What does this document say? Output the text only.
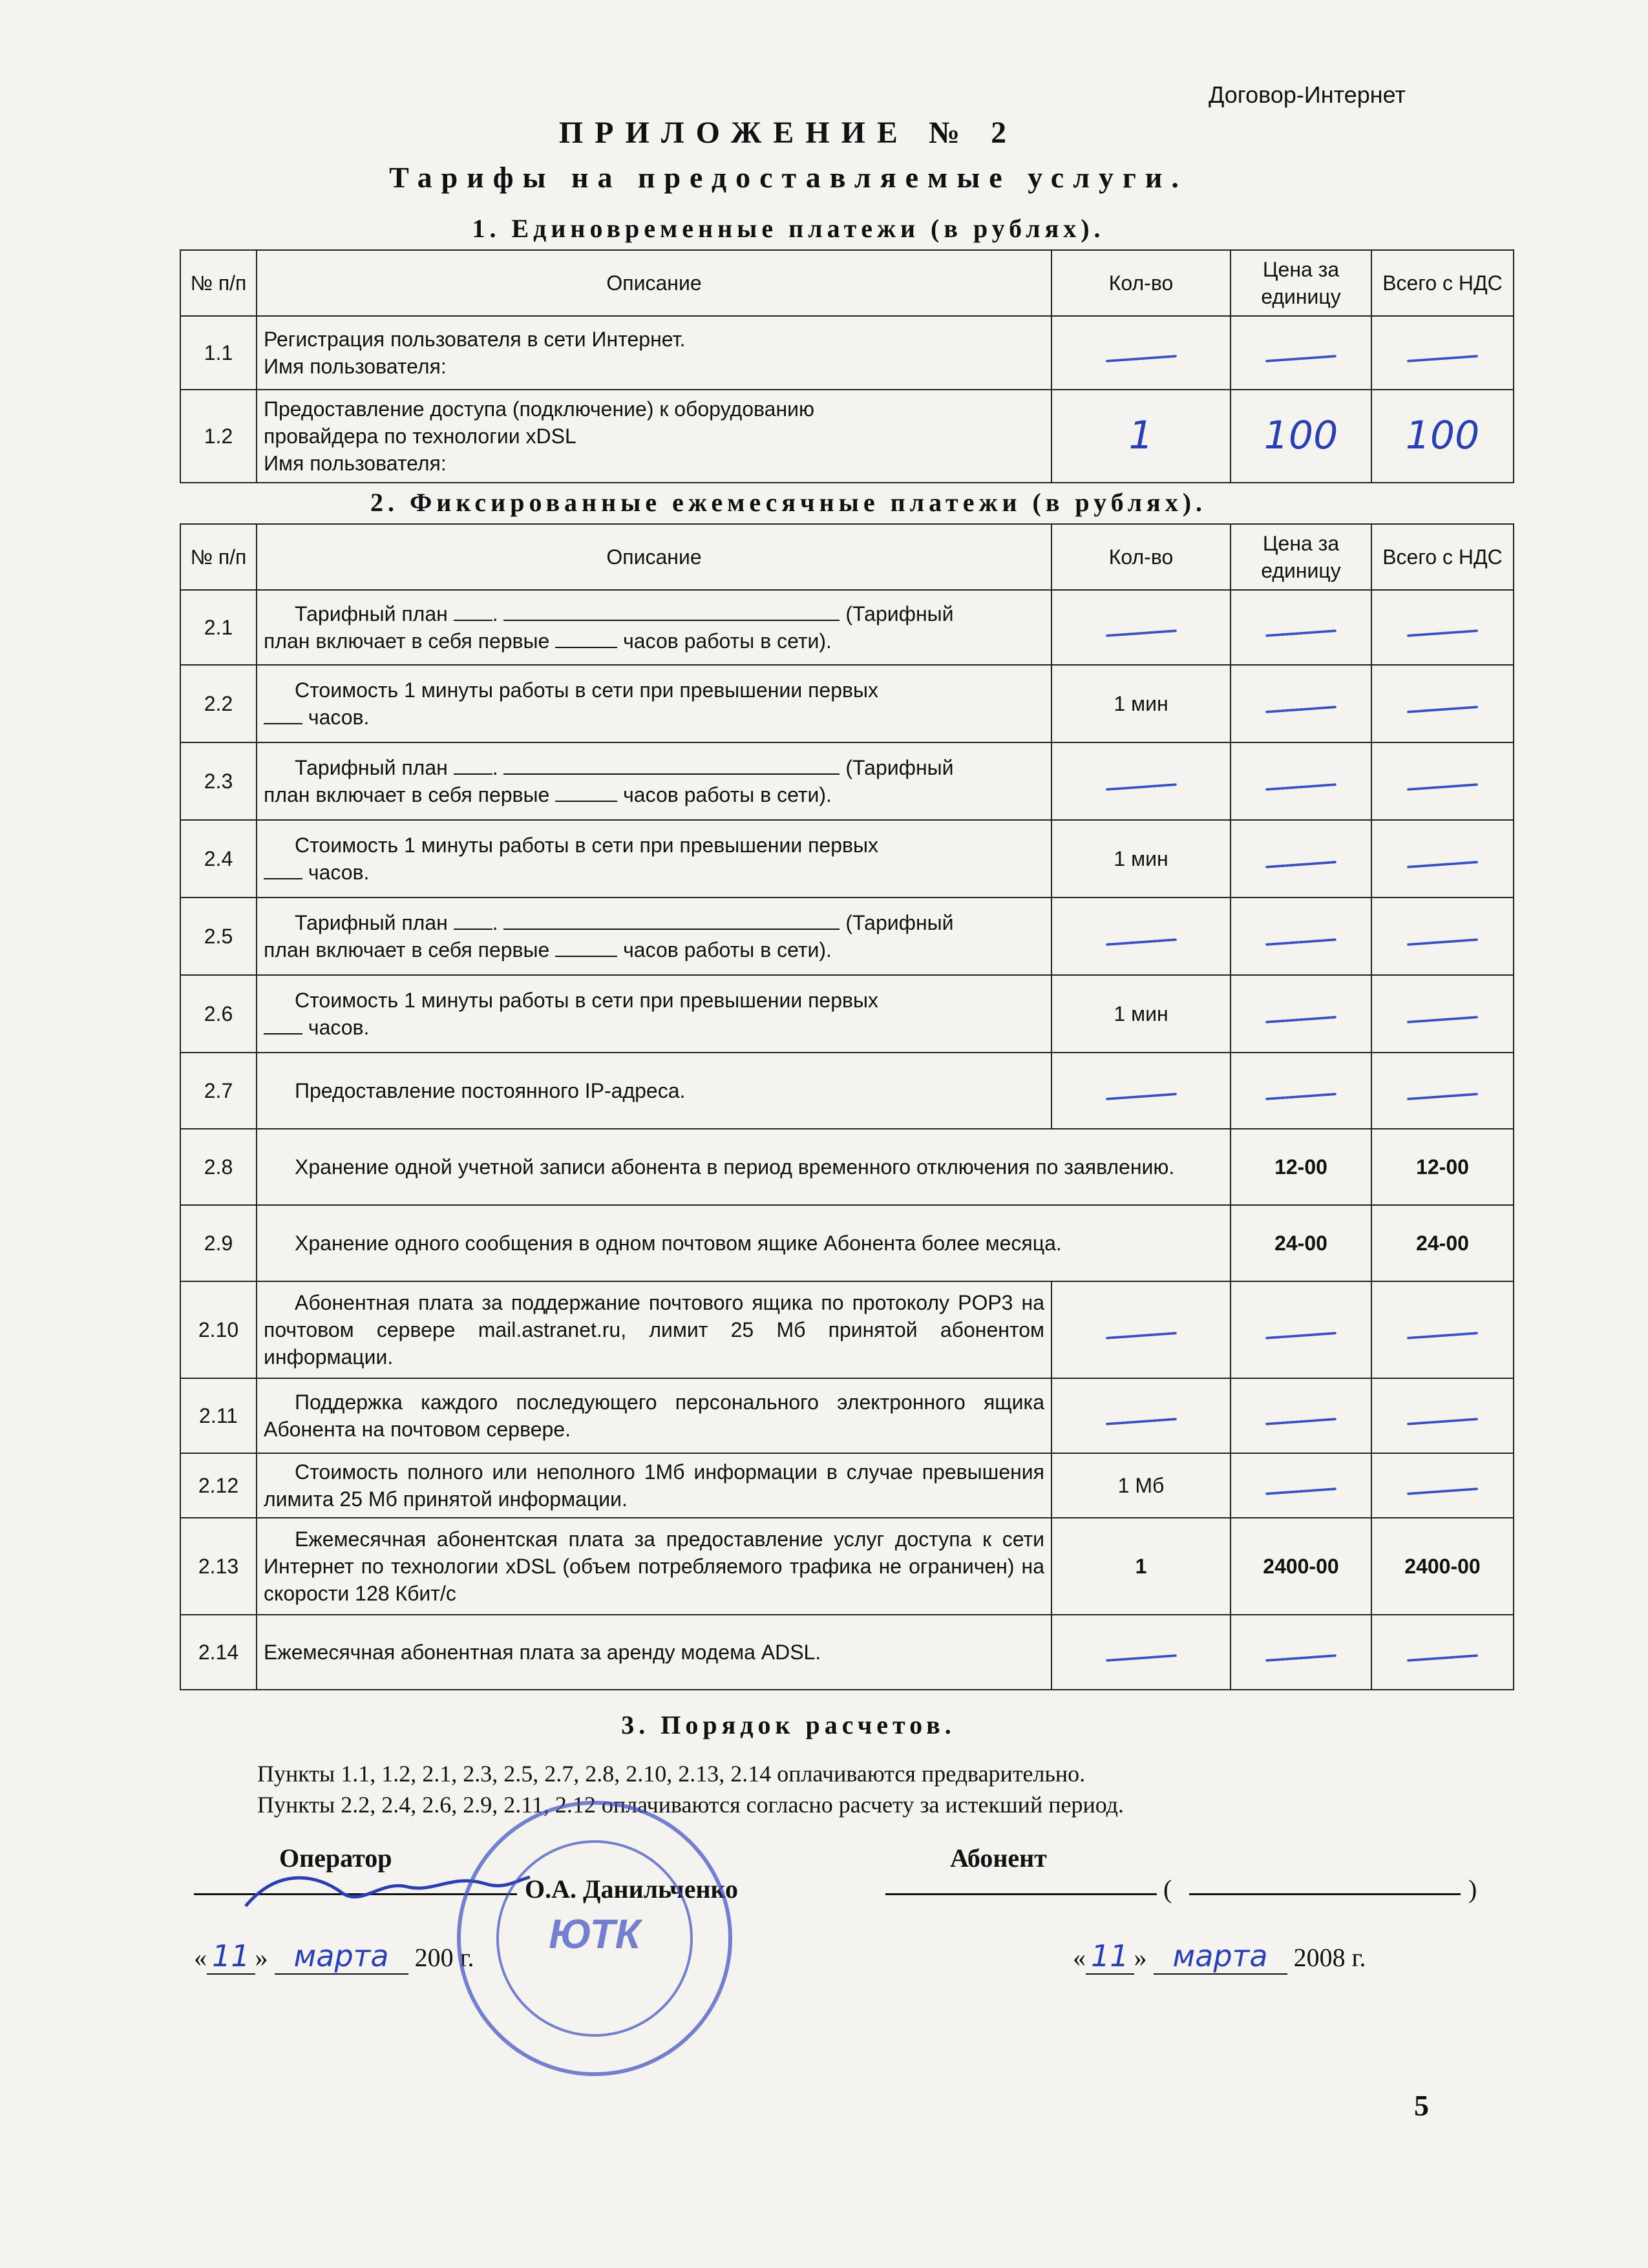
Договор-Интернет
ПРИЛОЖЕНИЕ № 2
Тарифы на предоставляемые услуги.
1. Единовременные платежи (в рублях).
№ п/п	Описание	Кол-во	Цена за единицу	Всего с НДС
1.1	Регистрация пользователя в сети Интернет.
Имя пользователя:			
1.2	Предоставление доступа (подключение) к оборудованию
провайдера по технологии xDSL
Имя пользователя:	1	100	100
2. Фиксированные ежемесячные платежи (в рублях).
№ п/п	Описание	Кол-во	Цена за единицу	Всего с НДС
2.1	  Тарифный план . (Тарифный
план включает в себя первые часов работы в сети).			
2.2	  Стоимость 1 минуты работы в сети при превышении первых
часов.	1 мин		
2.3	  Тарифный план . (Тарифный
план включает в себя первые часов работы в сети).			
2.4	  Стоимость 1 минуты работы в сети при превышении первых
часов.	1 мин		
2.5	  Тарифный план . (Тарифный
план включает в себя первые часов работы в сети).			
2.6	  Стоимость 1 минуты работы в сети при превышении первых
часов.	1 мин		
2.7	  Предоставление постоянного IP-адреса.			
2.8	  Хранение одной учетной записи абонента в период временного отключения по заявлению.		12-00	12-00
2.9	  Хранение одного сообщения в одном почтовом ящике Абонента более месяца.		24-00	24-00
2.10	  Абонентная плата за поддержание почтового ящика по протоколу POP3 на почтовом сервере mail.astranet.ru, лимит 25 Мб принятой абонентом информации.			
2.11	  Поддержка каждого последующего персонального электронного ящика Абонента на почтовом сервере.			
2.12	  Стоимость полного или неполного 1Мб информации в случае превышения лимита 25 Мб принятой информации.	1 Мб		
2.13	  Ежемесячная абонентская плата за предоставление услуг доступа к сети Интернет по технологии xDSL (объем потребляемого трафика не ограничен) на скорости 128 Кбит/с	1	2400-00	2400-00
2.14	Ежемесячная абонентная плата за аренду модема ADSL.			
3. Порядок расчетов.
Пункты 1.1, 1.2, 2.1, 2.3, 2.5, 2.7, 2.8, 2.10, 2.13, 2.14 оплачиваются предварительно.
Пункты 2.2, 2.4, 2.6, 2.9, 2.11, 2.12 оплачиваются согласно расчету за истекший период.
Оператор	Абонент
О.А. Данильченко	(	)
« 11 » марта 200 г.	« 11 » марта 2008 г.
ЮТК
5
